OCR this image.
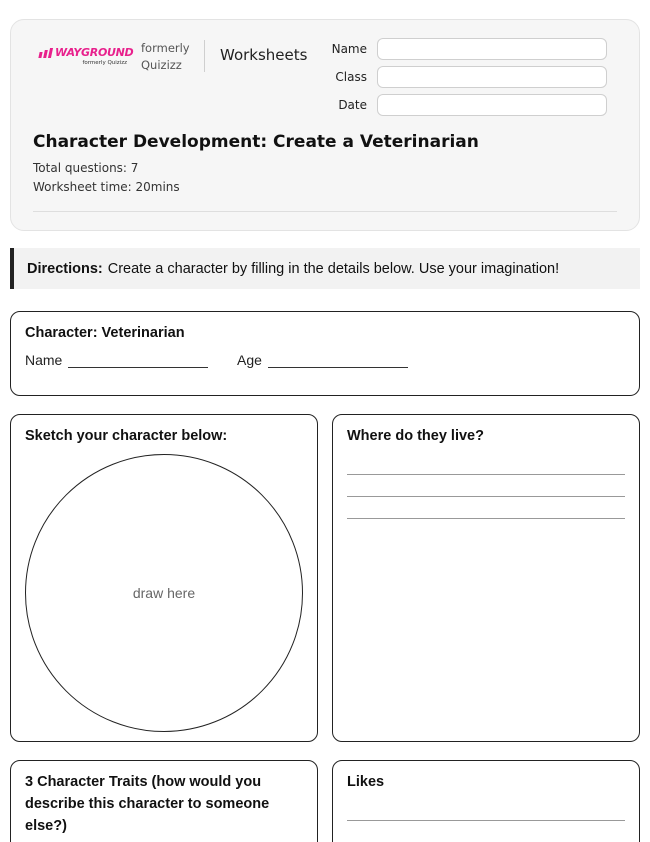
WAYGROUND
formerly Quizizz
formerly
Quizizz
Worksheets	Name
Class
Date
Character Development: Create a Veterinarian
Total questions: 7
Worksheet time: 20mins
Directions: Create a character by filling in the details below. Use your imagination!
Character: Veterinarian
Name	Age
Sketch your character below:
draw here
Where do they live?
3 Character Traits (how would you describe this character to someone else?)
Likes
